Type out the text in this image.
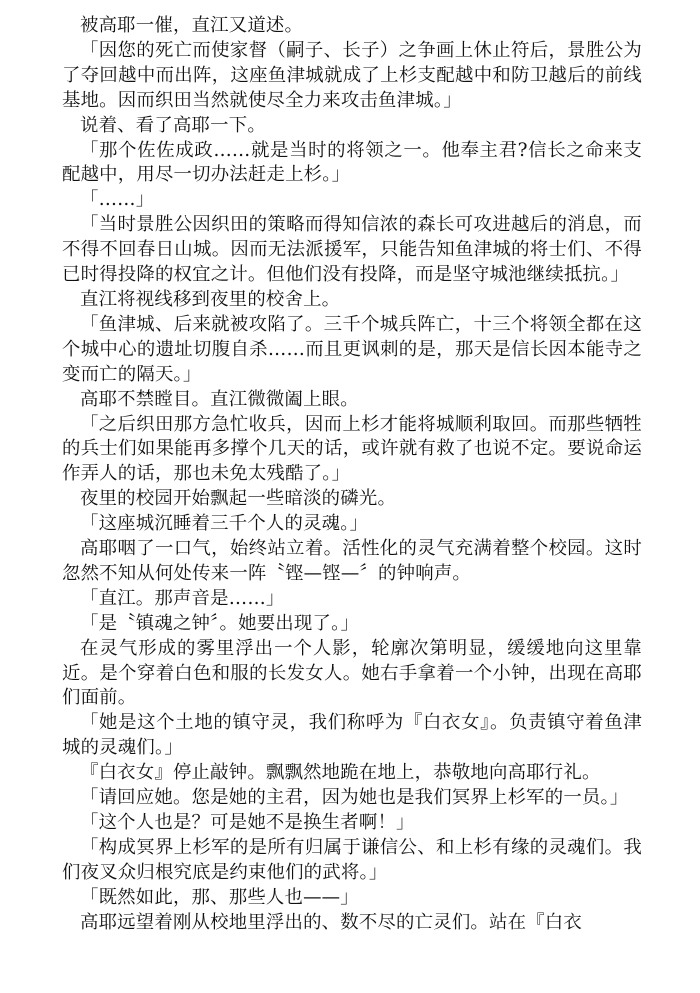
被高耶一催，直江又道述。

「因您的死亡而使家督（嗣子、长子）之争画上休止符后，景胜公为了夺回越中而出阵，这座鱼津城就成了上杉支配越中和防卫越后的前线基地。因而织田当然就使尽全力来攻击鱼津城。」

说着、看了高耶一下。

「那个佐佐成政……就是当时的将领之一。他奉主君?信长之命来支配越中，用尽一切办法赶走上杉。」

「……」

「当时景胜公因织田的策略而得知信浓的森长可攻进越后的消息，而不得不回春日山城。因而无法派援军，只能告知鱼津城的将士们、不得已时得投降的权宜之计。但他们没有投降，而是坚守城池继续抵抗。」

直江将视线移到夜里的校舍上。

「鱼津城、后来就被攻陷了。三千个城兵阵亡，十三个将领全都在这个城中心的遗址切腹自杀……而且更讽刺的是，那天是信长因本能寺之变而亡的隔天。」

高耶不禁瞠目。直江微微阖上眼。

「之后织田那方急忙收兵，因而上杉才能将城顺利取回。而那些牺牲的兵士们如果能再多撑个几天的话，或许就有救了也说不定。要说命运作弄人的话，那也未免太残酷了。」

夜里的校园开始飘起一些暗淡的磷光。

「这座城沉睡着三千个人的灵魂。」

高耶咽了一口气，始终站立着。活性化的灵气充满着整个校园。这时忽然不知从何处传来一阵〝铿—铿—〞的钟响声。

「直江。那声音是……」

「是〝镇魂之钟〞。她要出现了。」

在灵气形成的雾里浮出一个人影，轮廓次第明显，缓缓地向这里靠近。是个穿着白色和服的长发女人。她右手拿着一个小钟，出现在高耶们面前。

「她是这个土地的镇守灵，我们称呼为『白衣女』。负责镇守着鱼津城的灵魂们。」

『白衣女』停止敲钟。飘飘然地跪在地上，恭敬地向高耶行礼。

「请回应她。您是她的主君，因为她也是我们冥界上杉军的一员。」

「这个人也是？可是她不是换生者啊！」

「构成冥界上杉军的是所有归属于谦信公、和上杉有缘的灵魂们。我们夜叉众归根究底是约束他们的武将。」

「既然如此，那、那些人也——」

高耶远望着刚从校地里浮出的、数不尽的亡灵们。站在『白衣
